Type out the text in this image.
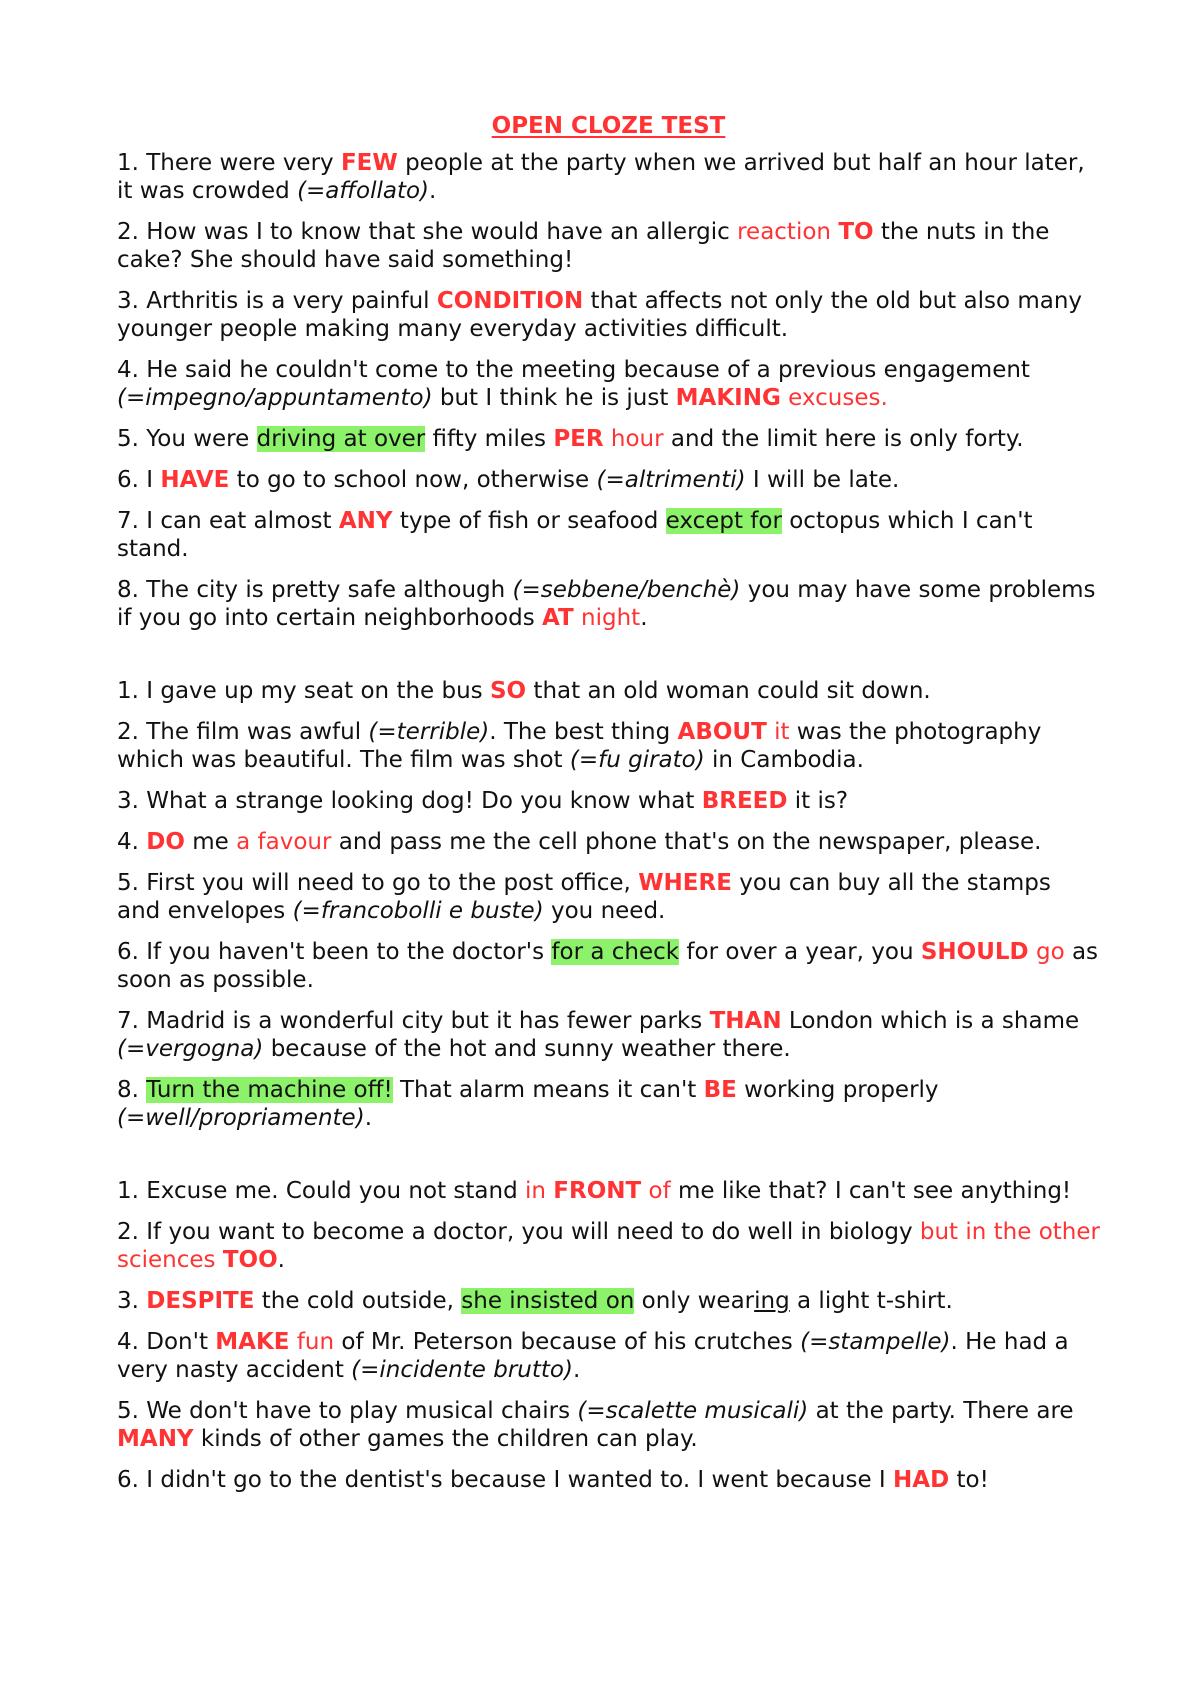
OPEN CLOZE TEST
1. There were very FEW people at the party when we arrived but half an hour later, it was crowded (=affollato).
2. How was I to know that she would have an allergic reaction TO the nuts in the cake? She should have said something!
3. Arthritis is a very painful CONDITION that affects not only the old but also many younger people making many everyday activities difficult.
4. He said he couldn't come to the meeting because of a previous engagement (=impegno/appuntamento) but I think he is just MAKING excuses.
5. You were driving at over fifty miles PER hour and the limit here is only forty.
6. I HAVE to go to school now, otherwise (=altrimenti) I will be late.
7. I can eat almost ANY type of fish or seafood except for octopus which I can't stand.
8. The city is pretty safe although (=sebbene/benchè) you may have some problems if you go into certain neighborhoods AT night.
1. I gave up my seat on the bus SO that an old woman could sit down.
2. The film was awful (=terrible). The best thing ABOUT it was the photography which was beautiful. The film was shot (=fu girato) in Cambodia.
3. What a strange looking dog! Do you know what BREED it is?
4. DO me a favour and pass me the cell phone that's on the newspaper, please.
5. First you will need to go to the post office, WHERE you can buy all the stamps and envelopes (=francobolli e buste) you need.
6. If you haven't been to the doctor's for a check for over a year, you SHOULD go as soon as possible.
7. Madrid is a wonderful city but it has fewer parks THAN London which is a shame (=vergogna) because of the hot and sunny weather there.
8. Turn the machine off! That alarm means it can't BE working properly (=well/propriamente).
1. Excuse me. Could you not stand in FRONT of me like that? I can't see anything!
2. If you want to become a doctor, you will need to do well in biology but in the other sciences TOO.
3. DESPITE the cold outside, she insisted on only wearing a light t-shirt.
4. Don't MAKE fun of Mr. Peterson because of his crutches (=stampelle). He had a very nasty accident (=incidente brutto).
5. We don't have to play musical chairs (=scalette musicali) at the party. There are MANY kinds of other games the children can play.
6. I didn't go to the dentist's because I wanted to. I went because I HAD to!
